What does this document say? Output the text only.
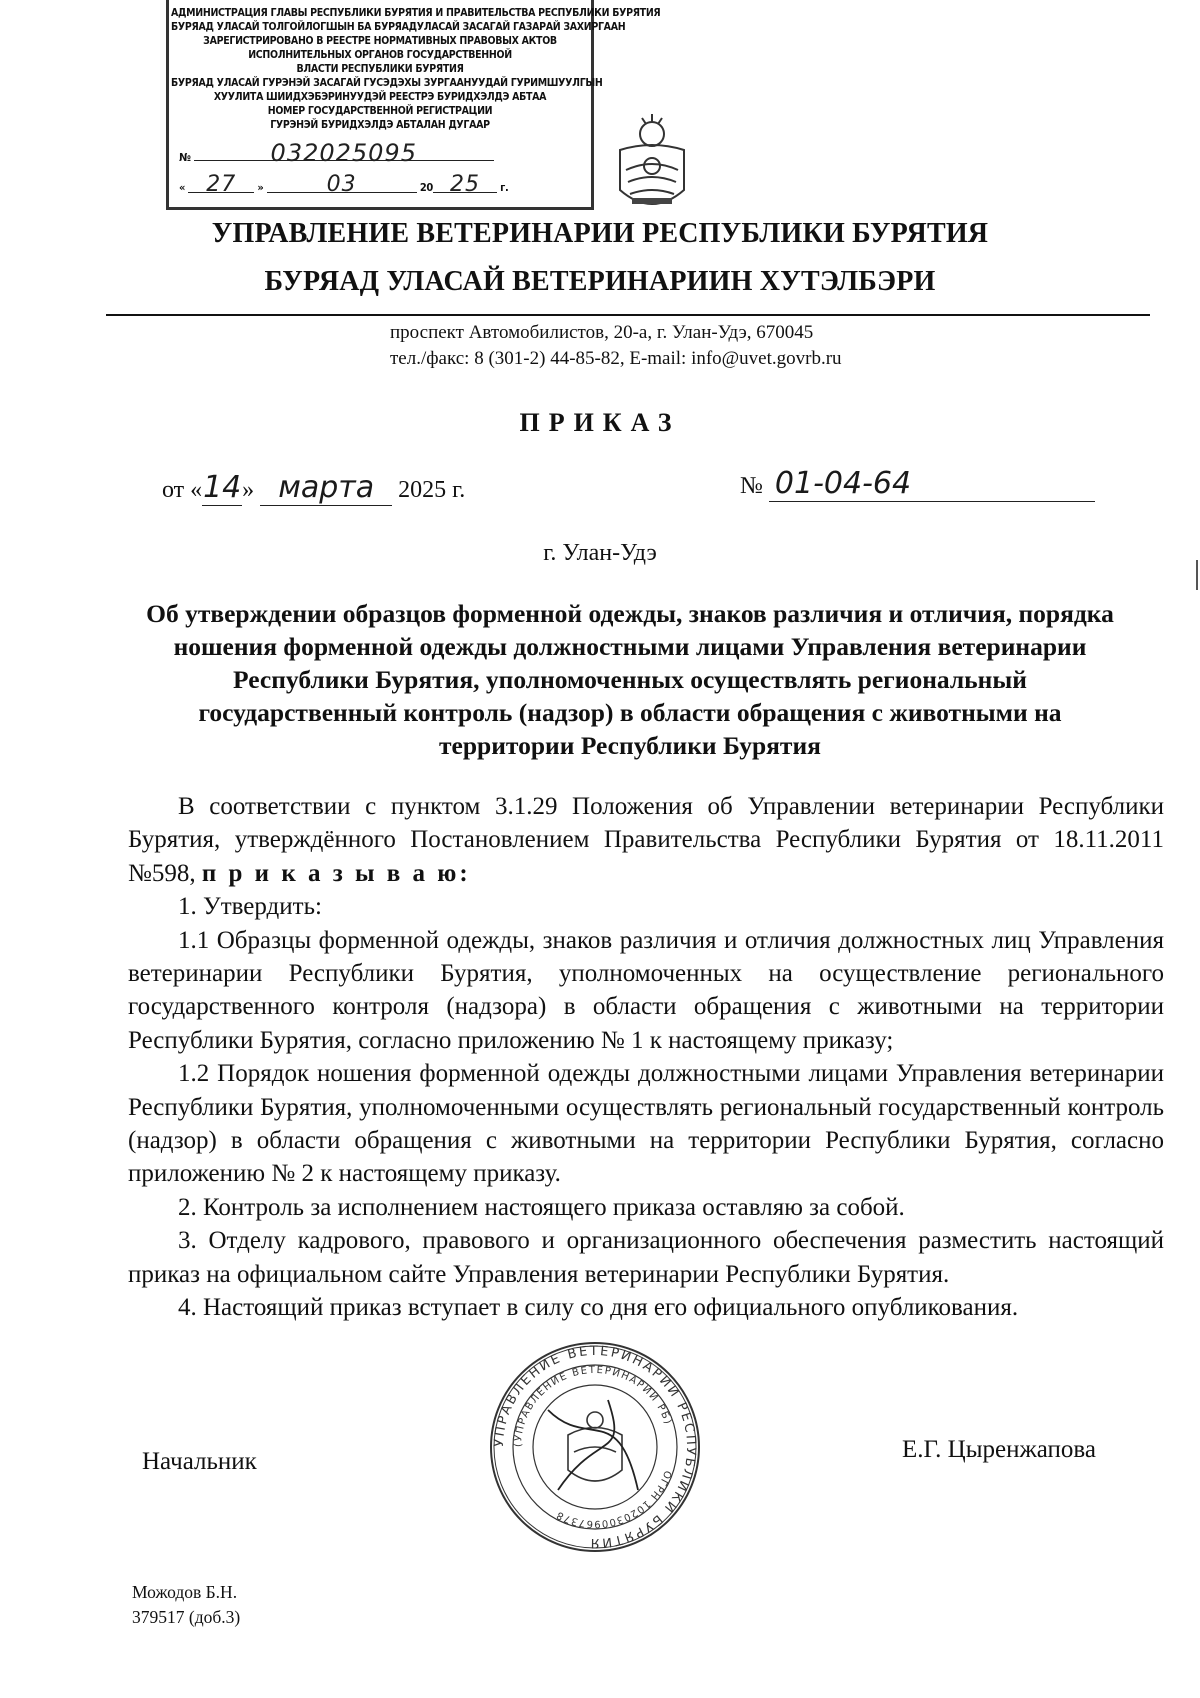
АДМИНИСТРАЦИЯ ГЛАВЫ РЕСПУБЛИКИ БУРЯТИЯ И ПРАВИТЕЛЬСТВА РЕСПУБЛИКИ БУРЯТИЯ
БУРЯАД УЛАСАЙ ТОЛГОЙЛОГШЫН БА БУРЯАДУЛАСАЙ ЗАСАГАЙ ГАЗАРАЙ ЗАХИРГААН
ЗАРЕГИСТРИРОВАНО В РЕЕСТРЕ НОРМАТИВНЫХ ПРАВОВЫХ АКТОВ
ИСПОЛНИТЕЛЬНЫХ ОРГАНОВ ГОСУДАРСТВЕННОЙ
ВЛАСТИ РЕСПУБЛИКИ БУРЯТИЯ
БУРЯАД УЛАСАЙ ГУРЭНЭЙ ЗАСАГАЙ ГУСЭДЭХЫ ЗУРГААНУУДАЙ ГУРИМШУУЛГЫН
ХУУЛИТА ШИИДХЭБЭРИНУУДЭЙ РЕЕСТРЭ БУРИДХЭЛДЭ АБТАА
НОМЕР ГОСУДАРСТВЕННОЙ РЕГИСТРАЦИИ
ГУРЭНЭЙ БУРИДХЭЛДЭ АБТАЛАН ДУГААР
№	032025095
« 27 »	03	20 25 г.
УПРАВЛЕНИЕ ВЕТЕРИНАРИИ РЕСПУБЛИКИ БУРЯТИЯ
БУРЯАД УЛАСАЙ ВЕТЕРИНАРИИН ХУТЭЛБЭРИ
проспект Автомобилистов, 20-а, г. Улан-Удэ, 670045
тел./факс: 8 (301-2) 44-85-82, E-mail: info@uvet.govrb.ru
ПРИКАЗ
от «14» марта 2025 г.	№ 01-04-64
г. Улан-Удэ
Об утверждении образцов форменной одежды, знаков различия и отличия, порядка ношения форменной одежды должностными лицами Управления ветеринарии Республики Бурятия, уполномоченных осуществлять региональный государственный контроль (надзор) в области обращения с животными на территории Республики Бурятия

В соответствии с пунктом 3.1.29 Положения об Управлении ветеринарии Республики Бурятия, утверждённого Постановлением Правительства Республики Бурятия от 18.11.2011 №598, п р и к а з ы в а ю:

1. Утвердить:

1.1 Образцы форменной одежды, знаков различия и отличия должностных лиц Управления ветеринарии Республики Бурятия, уполномоченных на осуществление регионального государственного контроля (надзора) в области обращения с животными на территории Республики Бурятия, согласно приложению № 1 к настоящему приказу;

1.2 Порядок ношения форменной одежды должностными лицами Управления ветеринарии Республики Бурятия, уполномоченными осуществлять региональный государственный контроль (надзор) в области обращения с животными на территории Республики Бурятия, согласно приложению № 2 к настоящему приказу.

2. Контроль за исполнением настоящего приказа оставляю за собой.

3. Отделу кадрового, правового и организационного обеспечения разместить настоящий приказ на официальном сайте Управления ветеринарии Республики Бурятия.

4. Настоящий приказ вступает в силу со дня его официального опубликования.

Начальник
УПРАВЛЕНИЕ ВЕТЕРИНАРИИ РЕСПУБЛИКИ БУРЯТИЯ
(УПРАВЛЕНИЕ ВЕТЕРИНАРИИ РБ)
ОГРН 1020300967378
Е.Г. Цыренжапова
Можодов Б.Н.
379517 (доб.3)
